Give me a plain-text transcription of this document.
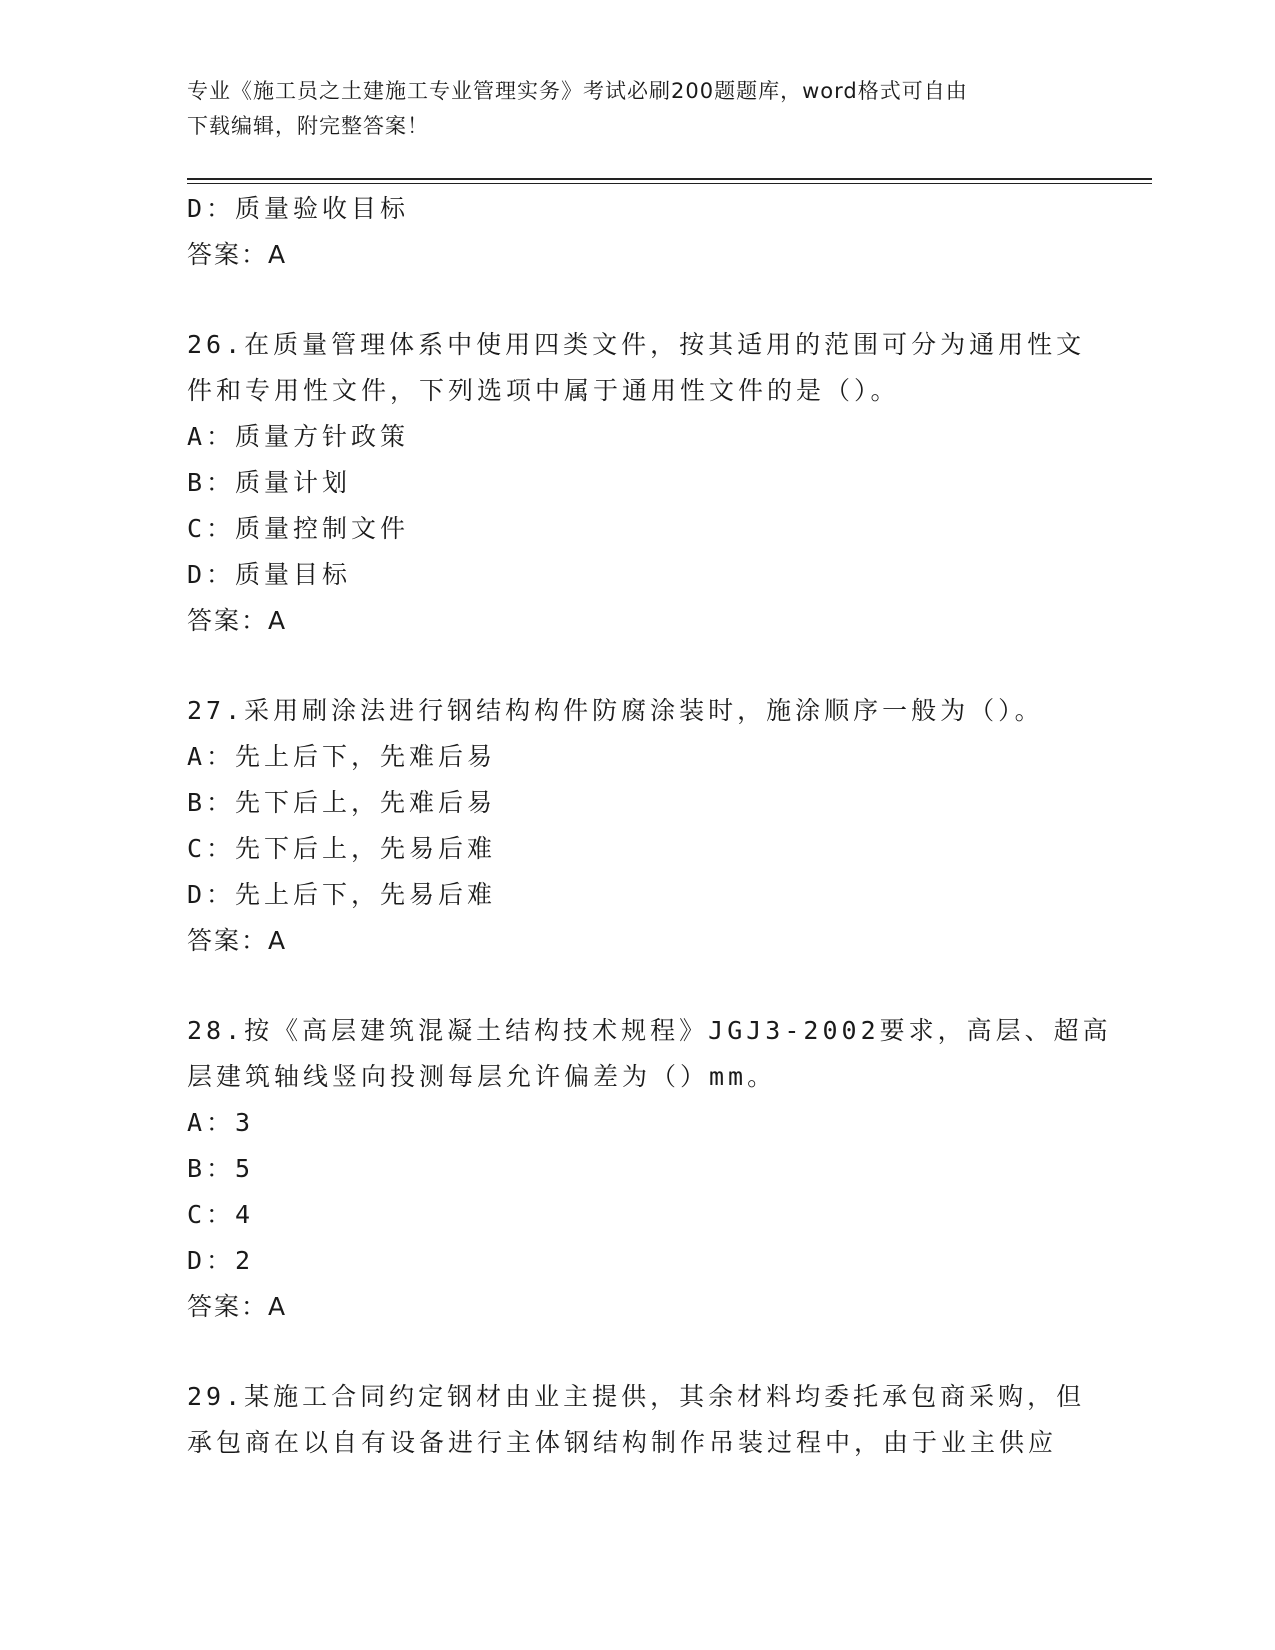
专业《施工员之土建施工专业管理实务》考试必刷200题题库，word格式可自由
下载编辑，附完整答案！
D：质量验收目标
答案：A
26.在质量管理体系中使用四类文件，按其适用的范围可分为通用性文
件和专用性文件，下列选项中属于通用性文件的是（）。
A：质量方针政策
B：质量计划
C：质量控制文件
D：质量目标
答案：A
27.采用刷涂法进行钢结构构件防腐涂装时，施涂顺序一般为（）。
A：先上后下，先难后易
B：先下后上，先难后易
C：先下后上，先易后难
D：先上后下，先易后难
答案：A
28.按《高层建筑混凝土结构技术规程》JGJ3-2002要求，高层、超高
层建筑轴线竖向投测每层允许偏差为（）mm。
A：3
B：5
C：4
D：2
答案：A
29.某施工合同约定钢材由业主提供，其余材料均委托承包商采购，但
承包商在以自有设备进行主体钢结构制作吊装过程中，由于业主供应
